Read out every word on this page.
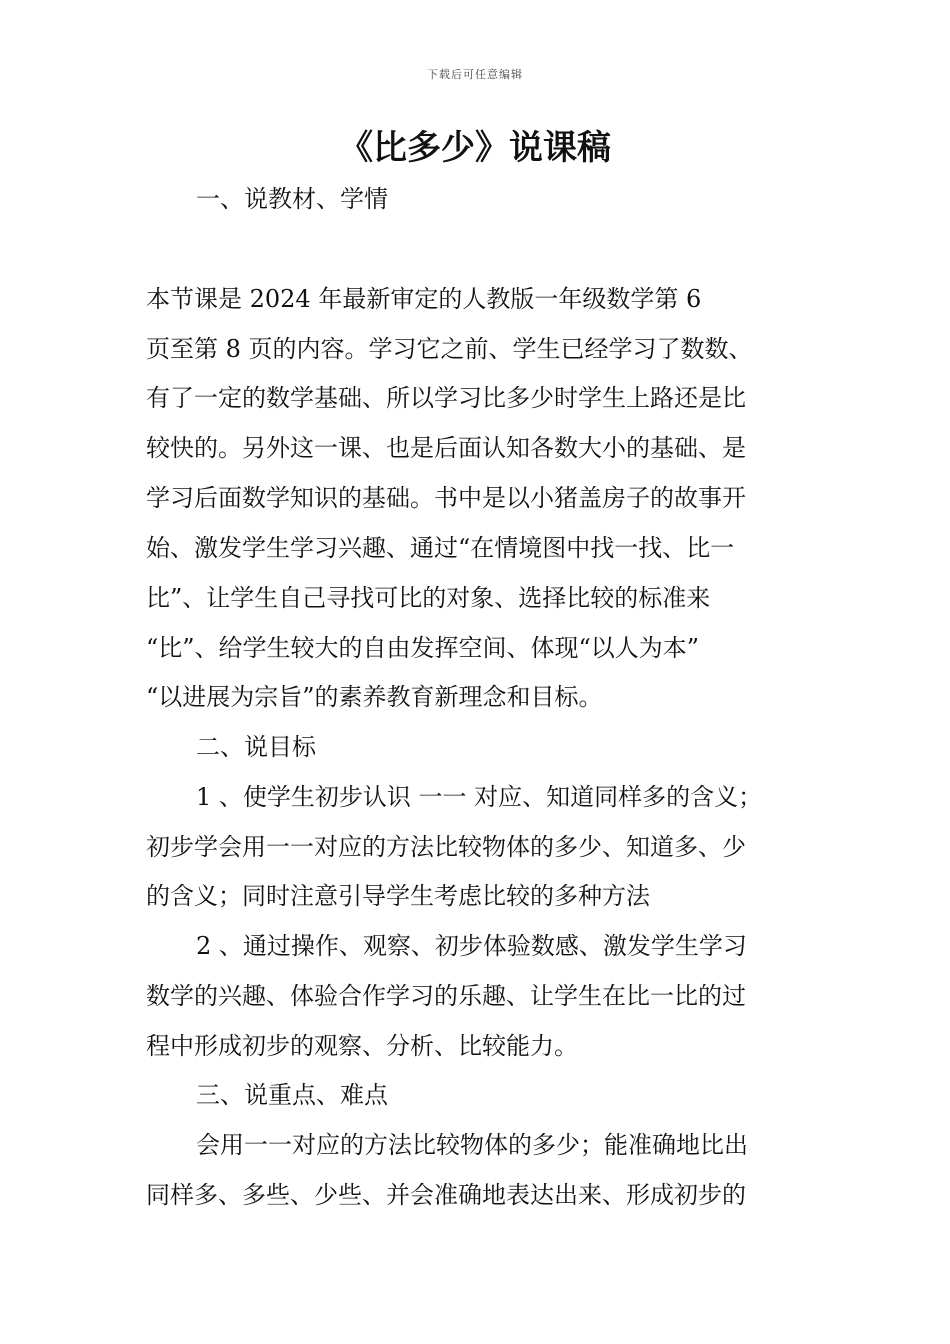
下载后可任意编辑
《比多少》说课稿
一、说教材、学情
本节课是 2024 年最新审定的人教版一年级数学第 6
页至第 8 页的内容。学习它之前、学生已经学习了数数、
有了一定的数学基础、所以学习比多少时学生上路还是比
较快的。另外这一课、也是后面认知各数大小的基础、是
学习后面数学知识的基础。书中是以小猪盖房子的故事开
始、激发学生学习兴趣、通过“在情境图中找一找、比一
比”、让学生自己寻找可比的对象、选择比较的标准来
“比”、给学生较大的自由发挥空间、体现“以人为本”
“以进展为宗旨”的素养教育新理念和目标。
二、说目标
1 、使学生初步认识 一一 对应、知道同样多的含义；
初步学会用一一对应的方法比较物体的多少、知道多、少
的含义；同时注意引导学生考虑比较的多种方法
2 、通过操作、观察、初步体验数感、激发学生学习
数学的兴趣、体验合作学习的乐趣、让学生在比一比的过
程中形成初步的观察、分析、比较能力。
三、说重点、难点
会用一一对应的方法比较物体的多少；能准确地比出
同样多、多些、少些、并会准确地表达出来、形成初步的
